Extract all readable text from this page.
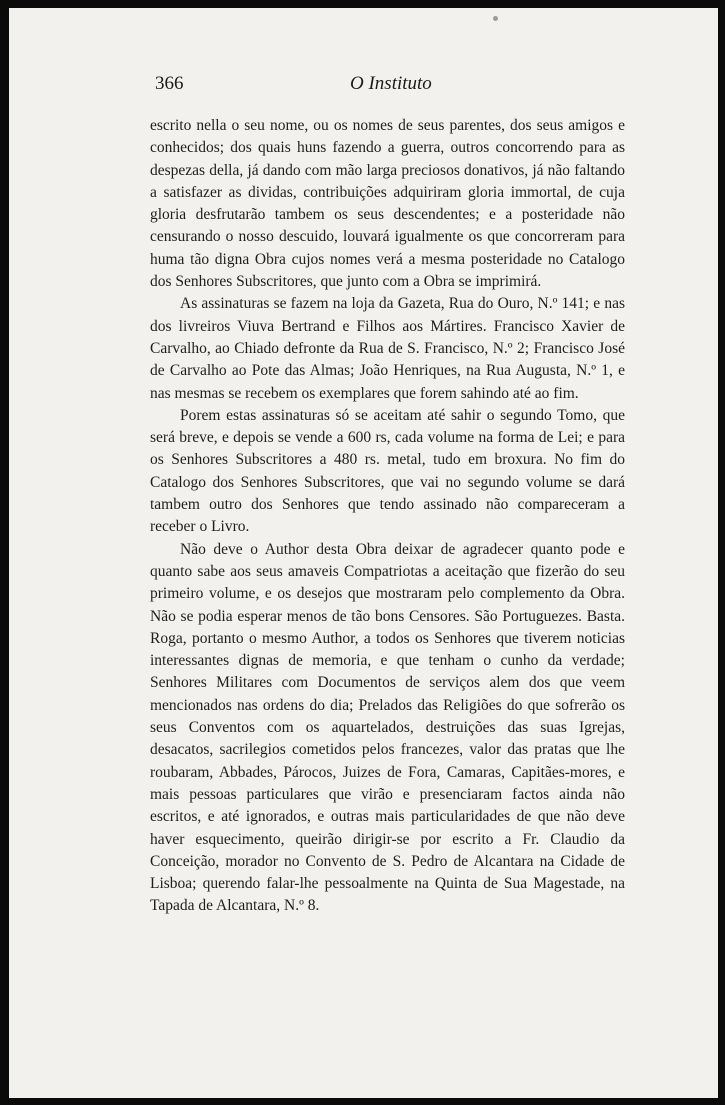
366	O Instituto

escrito nella o seu nome, ou os nomes de seus parentes, dos seus amigos e conhecidos; dos quais huns fazendo a guerra, outros concorrendo para as despezas della, já dando com mão larga preciosos donativos, já não faltando a satisfazer as dividas, contribuições adquiriram gloria immortal, de cuja gloria desfrutarão tambem os seus descendentes; e a posteridade não censurando o nosso descuido, louvará igualmente os que concorreram para huma tão digna Obra cujos nomes verá a mesma posteridade no Catalogo dos Senhores Subscritores, que junto com a Obra se imprimirá.

As assinaturas se fazem na loja da Gazeta, Rua do Ouro, N.º 141; e nas dos livreiros Viuva Bertrand e Filhos aos Mártires. Francisco Xavier de Carvalho, ao Chiado defronte da Rua de S. Francisco, N.º 2; Francisco José de Carvalho ao Pote das Almas; João Henriques, na Rua Augusta, N.º 1, e nas mesmas se recebem os exemplares que forem sahindo até ao fim.

Porem estas assinaturas só se aceitam até sahir o segundo Tomo, que será breve, e depois se vende a 600 rs, cada volume na forma de Lei; e para os Senhores Subscritores a 480 rs. metal, tudo em broxura. No fim do Catalogo dos Senhores Subscritores, que vai no segundo volume se dará tambem outro dos Senhores que tendo assinado não compareceram a receber o Livro.

Não deve o Author desta Obra deixar de agradecer quanto pode e quanto sabe aos seus amaveis Compatriotas a aceitação que fizerão do seu primeiro volume, e os desejos que mostraram pelo complemento da Obra. Não se podia esperar menos de tão bons Censores. São Portuguezes. Basta. Roga, portanto o mesmo Author, a todos os Senhores que tiverem noticias interessantes dignas de memoria, e que tenham o cunho da verdade; Senhores Militares com Documentos de serviços alem dos que veem mencionados nas ordens do dia; Prelados das Religiões do que sofrerão os seus Conventos com os aquartelados, destruições das suas Igrejas, desacatos, sacrilegios cometidos pelos francezes, valor das pratas que lhe roubaram, Abbades, Párocos, Juizes de Fora, Camaras, Capitães-mores, e mais pessoas particulares que virão e presenciaram factos ainda não escritos, e até ignorados, e outras mais particularidades de que não deve haver esquecimento, queirão dirigir-se por escrito a Fr. Claudio da Conceição, morador no Convento de S. Pedro de Alcantara na Cidade de Lisboa; querendo falar-lhe pessoalmente na Quinta de Sua Magestade, na Tapada de Alcantara, N.º 8.
